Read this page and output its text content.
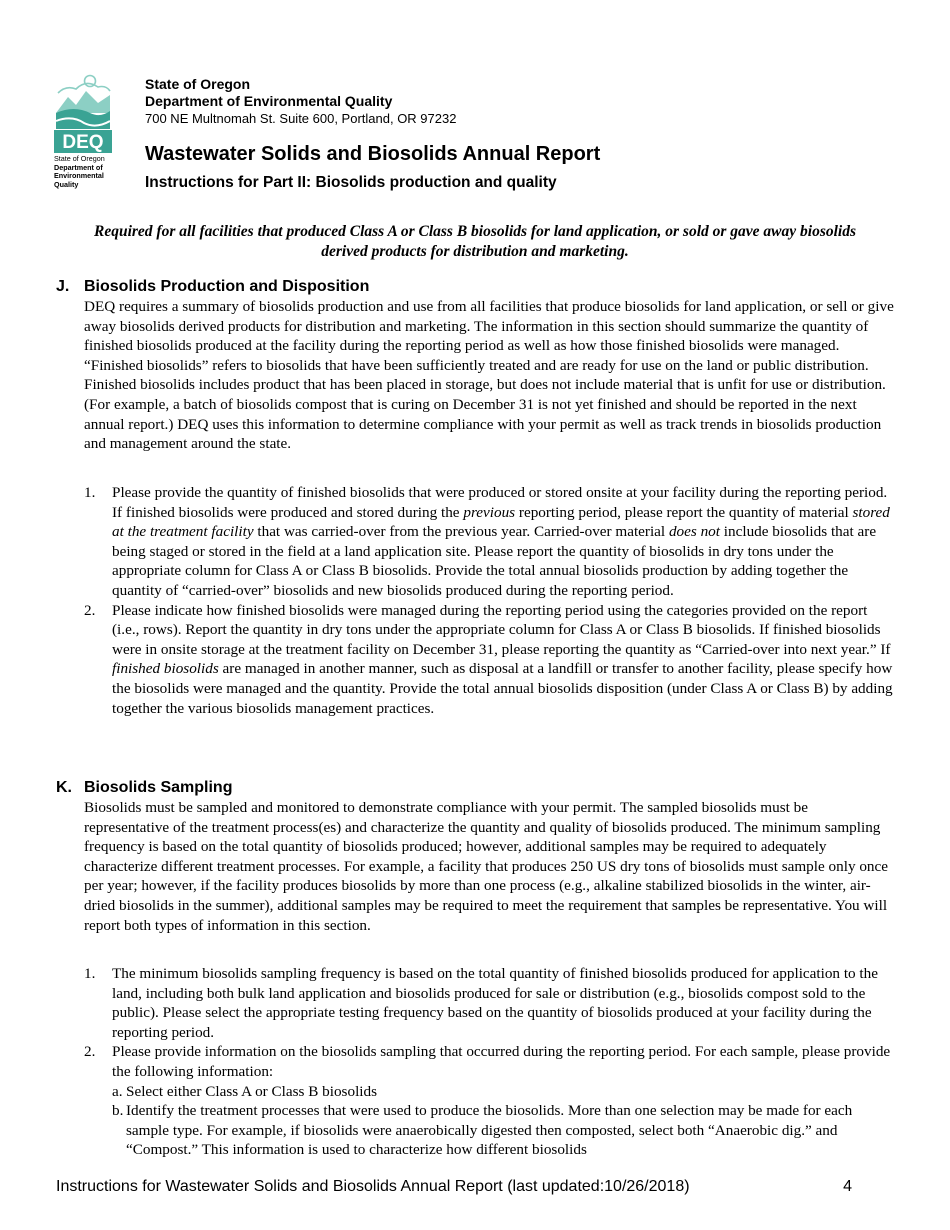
DEQ
State of Oregon
Department of
Environmental
Quality
State of Oregon
Department of Environmental Quality
700 NE Multnomah St. Suite 600, Portland, OR 97232
Wastewater Solids and Biosolids Annual Report
Instructions for Part II: Biosolids production and quality
Required for all facilities that produced Class A or Class B biosolids for land application, or sold or gave away biosolids derived products for distribution and marketing.
J. Biosolids Production and Disposition
DEQ requires a summary of biosolids production and use from all facilities that produce biosolids for land application, or sell or give away biosolids derived products for distribution and marketing. The information in this section should summarize the quantity of finished biosolids produced at the facility during the reporting period as well as how those finished biosolids were managed. “Finished biosolids” refers to biosolids that have been sufficiently treated and are ready for use on the land or public distribution. Finished biosolids includes product that has been placed in storage, but does not include material that is unfit for use or distribution. (For example, a batch of biosolids compost that is curing on December 31 is not yet finished and should be reported in the next annual report.) DEQ uses this information to determine compliance with your permit as well as track trends in biosolids production and management around the state.
1. Please provide the quantity of finished biosolids that were produced or stored onsite at your facility during the reporting period. If finished biosolids were produced and stored during the previous reporting period, please report the quantity of material stored at the treatment facility that was carried-over from the previous year. Carried-over material does not include biosolids that are being staged or stored in the field at a land application site. Please report the quantity of biosolids in dry tons under the appropriate column for Class A or Class B biosolids. Provide the total annual biosolids production by adding together the quantity of “carried-over” biosolids and new biosolids produced during the reporting period.
2. Please indicate how finished biosolids were managed during the reporting period using the categories provided on the report (i.e., rows). Report the quantity in dry tons under the appropriate column for Class A or Class B biosolids. If finished biosolids were in onsite storage at the treatment facility on December 31, please reporting the quantity as “Carried-over into next year.” If finished biosolids are managed in another manner, such as disposal at a landfill or transfer to another facility, please specify how the biosolids were managed and the quantity. Provide the total annual biosolids disposition (under Class A or Class B) by adding together the various biosolids management practices.
K. Biosolids Sampling
Biosolids must be sampled and monitored to demonstrate compliance with your permit. The sampled biosolids must be representative of the treatment process(es) and characterize the quantity and quality of biosolids produced. The minimum sampling frequency is based on the total quantity of biosolids produced; however, additional samples may be required to adequately characterize different treatment processes. For example, a facility that produces 250 US dry tons of biosolids must sample only once per year; however, if the facility produces biosolids by more than one process (e.g., alkaline stabilized biosolids in the winter, air-dried biosolids in the summer), additional samples may be required to meet the requirement that samples be representative. You will report both types of information in this section.
1. The minimum biosolids sampling frequency is based on the total quantity of finished biosolids produced for application to the land, including both bulk land application and biosolids produced for sale or distribution (e.g., biosolids compost sold to the public). Please select the appropriate testing frequency based on the quantity of biosolids produced at your facility during the reporting period.
2. Please provide information on the biosolids sampling that occurred during the reporting period. For each sample, please provide the following information:
a. Select either Class A or Class B biosolids
b. Identify the treatment processes that were used to produce the biosolids. More than one selection may be made for each sample type. For example, if biosolids were anaerobically digested then composted, select both “Anaerobic dig.” and “Compost.” This information is used to characterize how different biosolids
Instructions for Wastewater Solids and Biosolids Annual Report (last updated:10/26/2018)	4
